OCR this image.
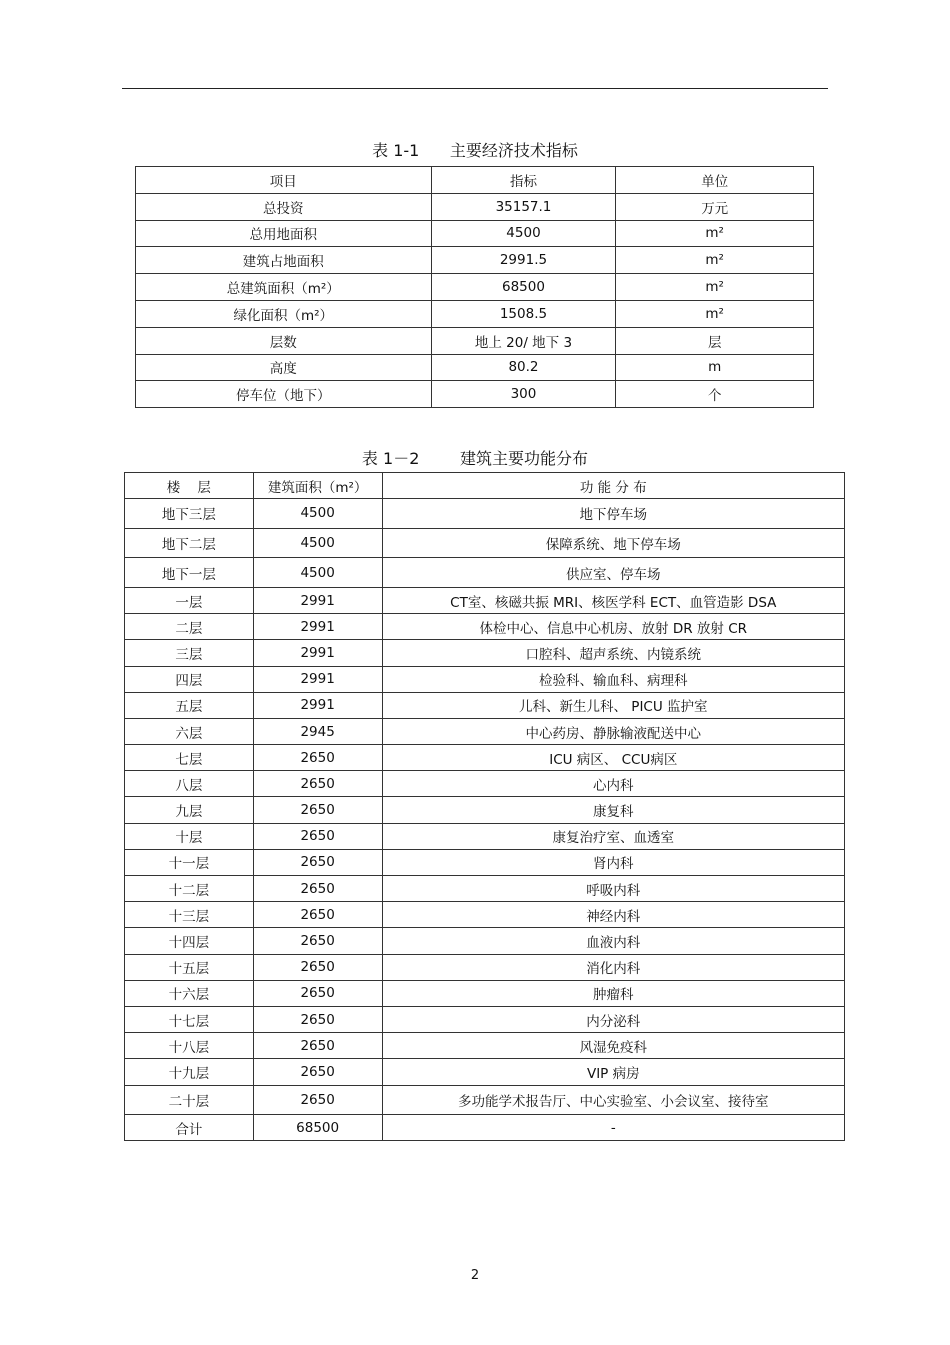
表 1-1      主要经济技术指标
项目	指标	单位
总投资	35157.1	万元
总用地面积	4500	m²
建筑占地面积	2991.5	m²
总建筑面积（m²）	68500	m²
绿化面积（m²）	1508.5	m²
层数	地上 20/ 地下 3	层
高度	80.2	m
停车位（地下）	300	个
表 1－2        建筑主要功能分布
楼    层	建筑面积（m²）	功 能 分 布
地下三层	4500	地下停车场
地下二层	4500	保障系统、地下停车场
地下一层	4500	供应室、停车场
一层	2991	CT室、核磁共振 MRI、核医学科 ECT、血管造影 DSA
二层	2991	体检中心、信息中心机房、放射 DR 放射 CR
三层	2991	口腔科、超声系统、内镜系统
四层	2991	检验科、输血科、病理科
五层	2991	儿科、新生儿科、 PICU 监护室
六层	2945	中心药房、静脉输液配送中心
七层	2650	ICU 病区、 CCU病区
八层	2650	心内科
九层	2650	康复科
十层	2650	康复治疗室、血透室
十一层	2650	肾内科
十二层	2650	呼吸内科
十三层	2650	神经内科
十四层	2650	血液内科
十五层	2650	消化内科
十六层	2650	肿瘤科
十七层	2650	内分泌科
十八层	2650	风湿免疫科
十九层	2650	VIP 病房
二十层	2650	多功能学术报告厅、中心实验室、小会议室、接待室
合计	68500	-
2
